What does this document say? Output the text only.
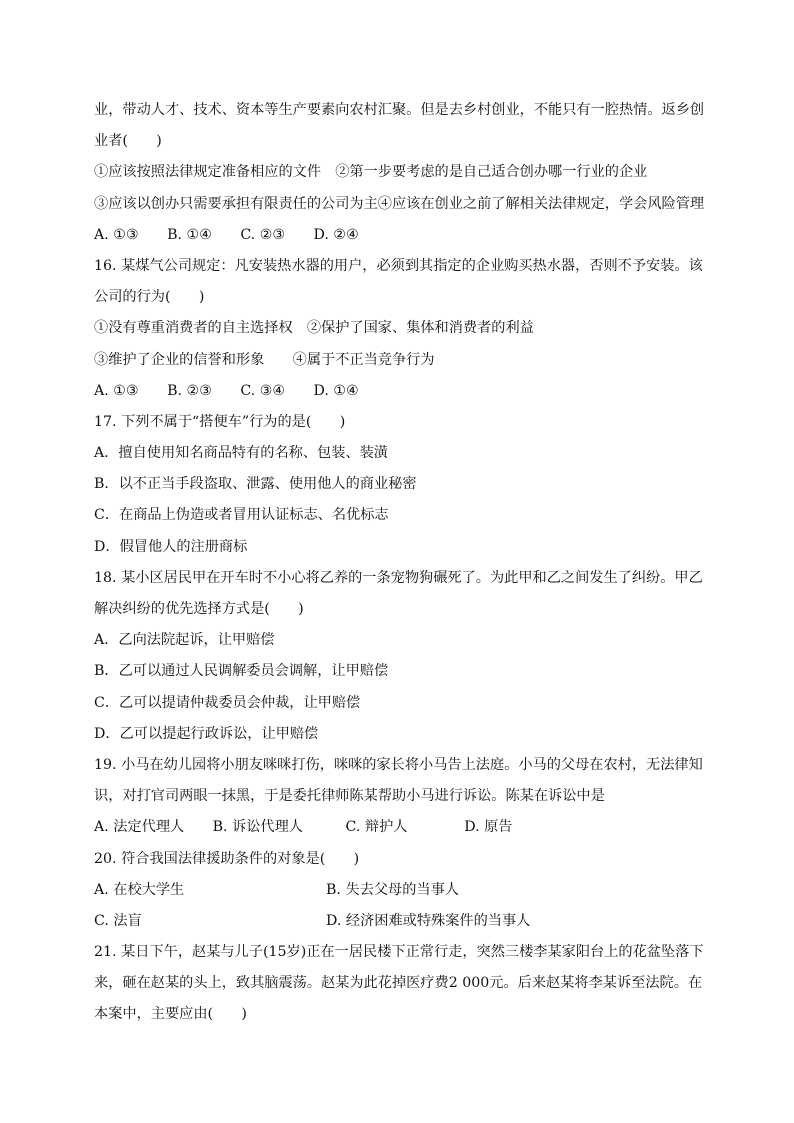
业，带动人才、技术、资本等生产要素向农村汇聚。但是去乡村创业，不能只有一腔热情。返乡创
业者(　　)
①应该按照法律规定准备相应的文件　②第一步要考虑的是自己适合创办哪一行业的企业
③应该以创办只需要承担有限责任的公司为主④应该在创业之前了解相关法律规定，学会风险管理
A. ①③　　B. ①④　　C. ②③　　D. ②④
16. 某煤气公司规定：凡安装热水器的用户，必须到其指定的企业购买热水器，否则不予安装。该
公司的行为(　　)
①没有尊重消费者的自主选择权　②保护了国家、集体和消费者的利益
③维护了企业的信誉和形象　　④属于不正当竞争行为
A. ①③　　B. ②③　　C. ③④　　D. ①④
17. 下列不属于“搭便车”行为的是(　　)
A．擅自使用知名商品特有的名称、包装、装潢
B．以不正当手段盗取、泄露、使用他人的商业秘密
C．在商品上伪造或者冒用认证标志、名优标志
D．假冒他人的注册商标
18. 某小区居民甲在开车时不小心将乙养的一条宠物狗碾死了。为此甲和乙之间发生了纠纷。甲乙
解决纠纷的优先选择方式是(　　)
A．乙向法院起诉，让甲赔偿
B．乙可以通过人民调解委员会调解，让甲赔偿
C．乙可以提请仲裁委员会仲裁，让甲赔偿
D．乙可以提起行政诉讼，让甲赔偿
19. 小马在幼儿园将小朋友咪咪打伤，咪咪的家长将小马告上法庭。小马的父母在农村，无法律知
识，对打官司两眼一抹黑，于是委托律师陈某帮助小马进行诉讼。陈某在诉讼中是
A. 法定代理人　　B. 诉讼代理人　　　C. 辩护人　　　　D. 原告
20. 符合我国法律援助条件的对象是(　　)
A. 在校大学生	B. 失去父母的当事人
C. 法盲	D. 经济困难或特殊案件的当事人
21. 某日下午，赵某与儿子(15岁)正在一居民楼下正常行走，突然三楼李某家阳台上的花盆坠落下
来，砸在赵某的头上，致其脑震荡。赵某为此花掉医疗费2 000元。后来赵某将李某诉至法院。在
本案中，主要应由(　　)
